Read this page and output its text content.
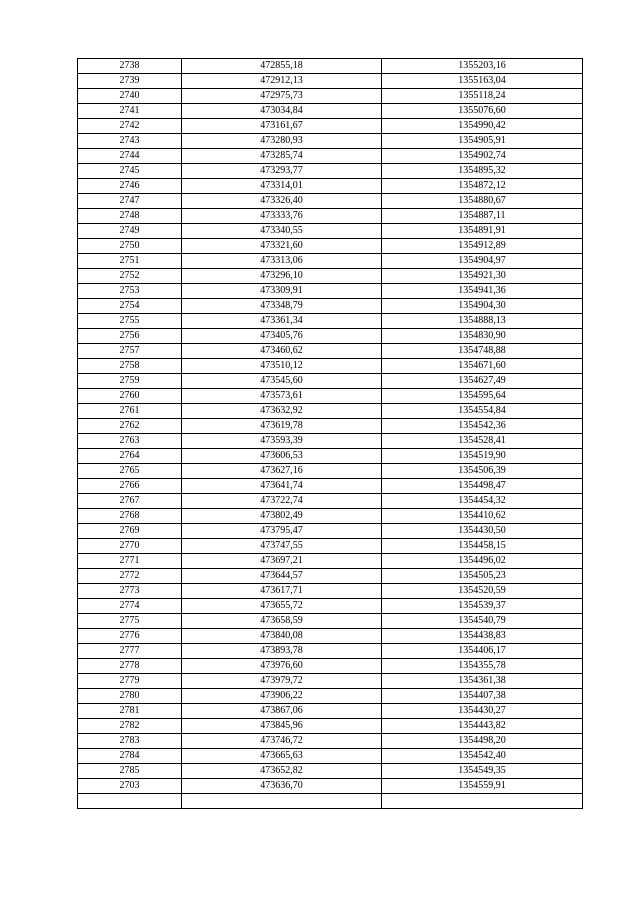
2738	472855,18	1355203,16
2739	472912,13	1355163,04
2740	472975,73	1355118,24
2741	473034,84	1355076,60
2742	473161,67	1354990,42
2743	473280,93	1354905,91
2744	473285,74	1354902,74
2745	473293,77	1354895,32
2746	473314,01	1354872,12
2747	473326,40	1354880,67
2748	473333,76	1354887,11
2749	473340,55	1354891,91
2750	473321,60	1354912,89
2751	473313,06	1354904,97
2752	473296,10	1354921,30
2753	473309,91	1354941,36
2754	473348,79	1354904,30
2755	473361,34	1354888,13
2756	473405,76	1354830,90
2757	473460,62	1354748,88
2758	473510,12	1354671,60
2759	473545,60	1354627,49
2760	473573,61	1354595,64
2761	473632,92	1354554,84
2762	473619,78	1354542,36
2763	473593,39	1354528,41
2764	473606,53	1354519,90
2765	473627,16	1354506,39
2766	473641,74	1354498,47
2767	473722,74	1354454,32
2768	473802,49	1354410,62
2769	473795,47	1354430,50
2770	473747,55	1354458,15
2771	473697,21	1354496,02
2772	473644,57	1354505,23
2773	473617,71	1354520,59
2774	473655,72	1354539,37
2775	473658,59	1354540,79
2776	473840,08	1354438,83
2777	473893,78	1354406,17
2778	473976,60	1354355,78
2779	473979,72	1354361,38
2780	473906,22	1354407,38
2781	473867,06	1354430,27
2782	473845,96	1354443,82
2783	473746,72	1354498,20
2784	473665,63	1354542,40
2785	473652,82	1354549,35
2703	473636,70	1354559,91
